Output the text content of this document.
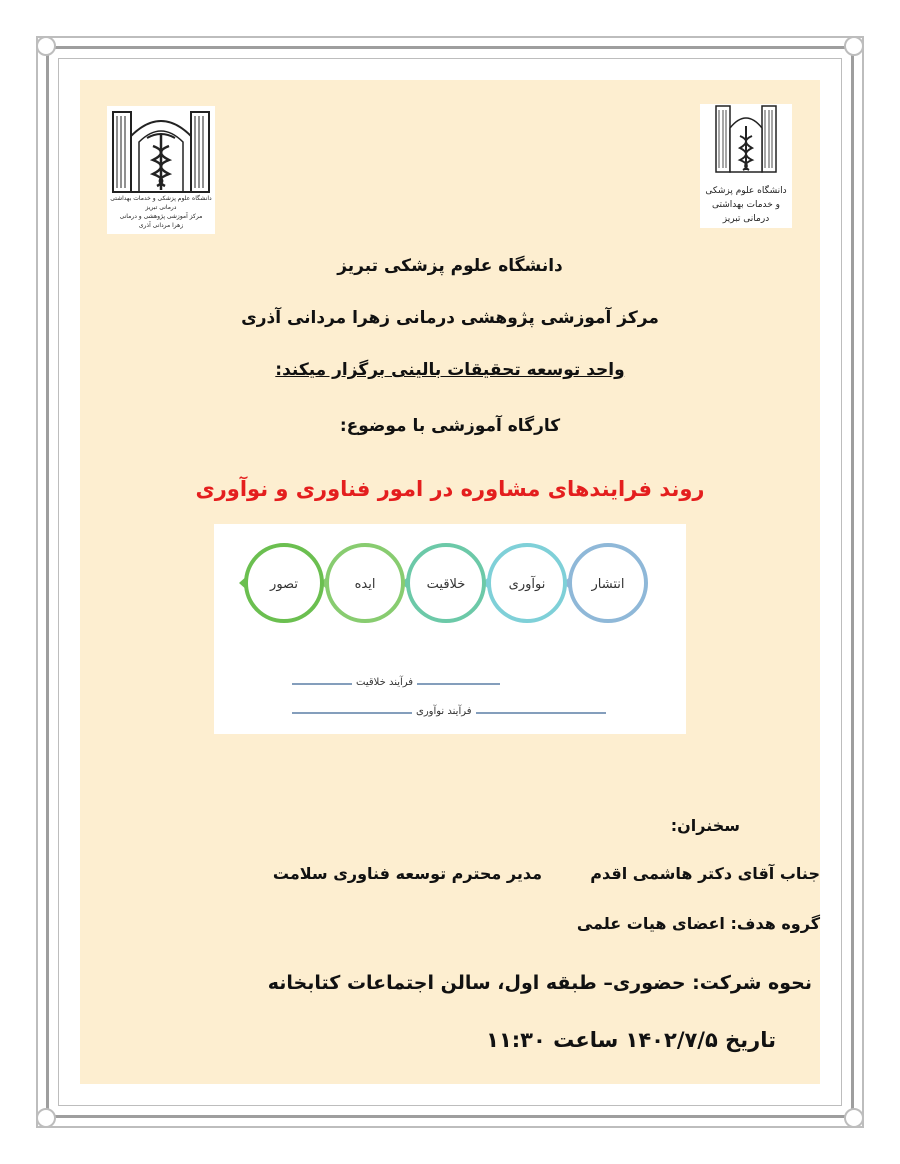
دانشگاه علوم پزشکی و خدمات بهداشتی درمانی تبریز
مرکز آموزشی پژوهشی و درمانی
زهرا مردانی آذری
دانشگاه علوم پزشکی
و خدمات بهداشتی درمانی تبریز
دانشگاه علوم پزشکی تبریز
مرکز آموزشی پژوهشی درمانی زهرا مردانی آذری
واحد توسعه تحقیقات بالینی برگزار میکند:
کارگاه آموزشی با موضوع:
روند فرایندهای مشاوره در امور فناوری و نوآوری
انتشار
نوآوری
خلاقیت
ایده
تصور
فرآیند خلاقیت
فرآیند نوآوری
سخنران:
جناب آقای دکتر هاشمی اقدم
مدیر محترم توسعه فناوری سلامت
گروه هدف: اعضای هیات علمی
نحوه شرکت: حضوری– طبقه اول، سالن اجتماعات کتابخانه
تاریخ ۱۴۰۲/۷/۵ ساعت ۱۱:۳۰
